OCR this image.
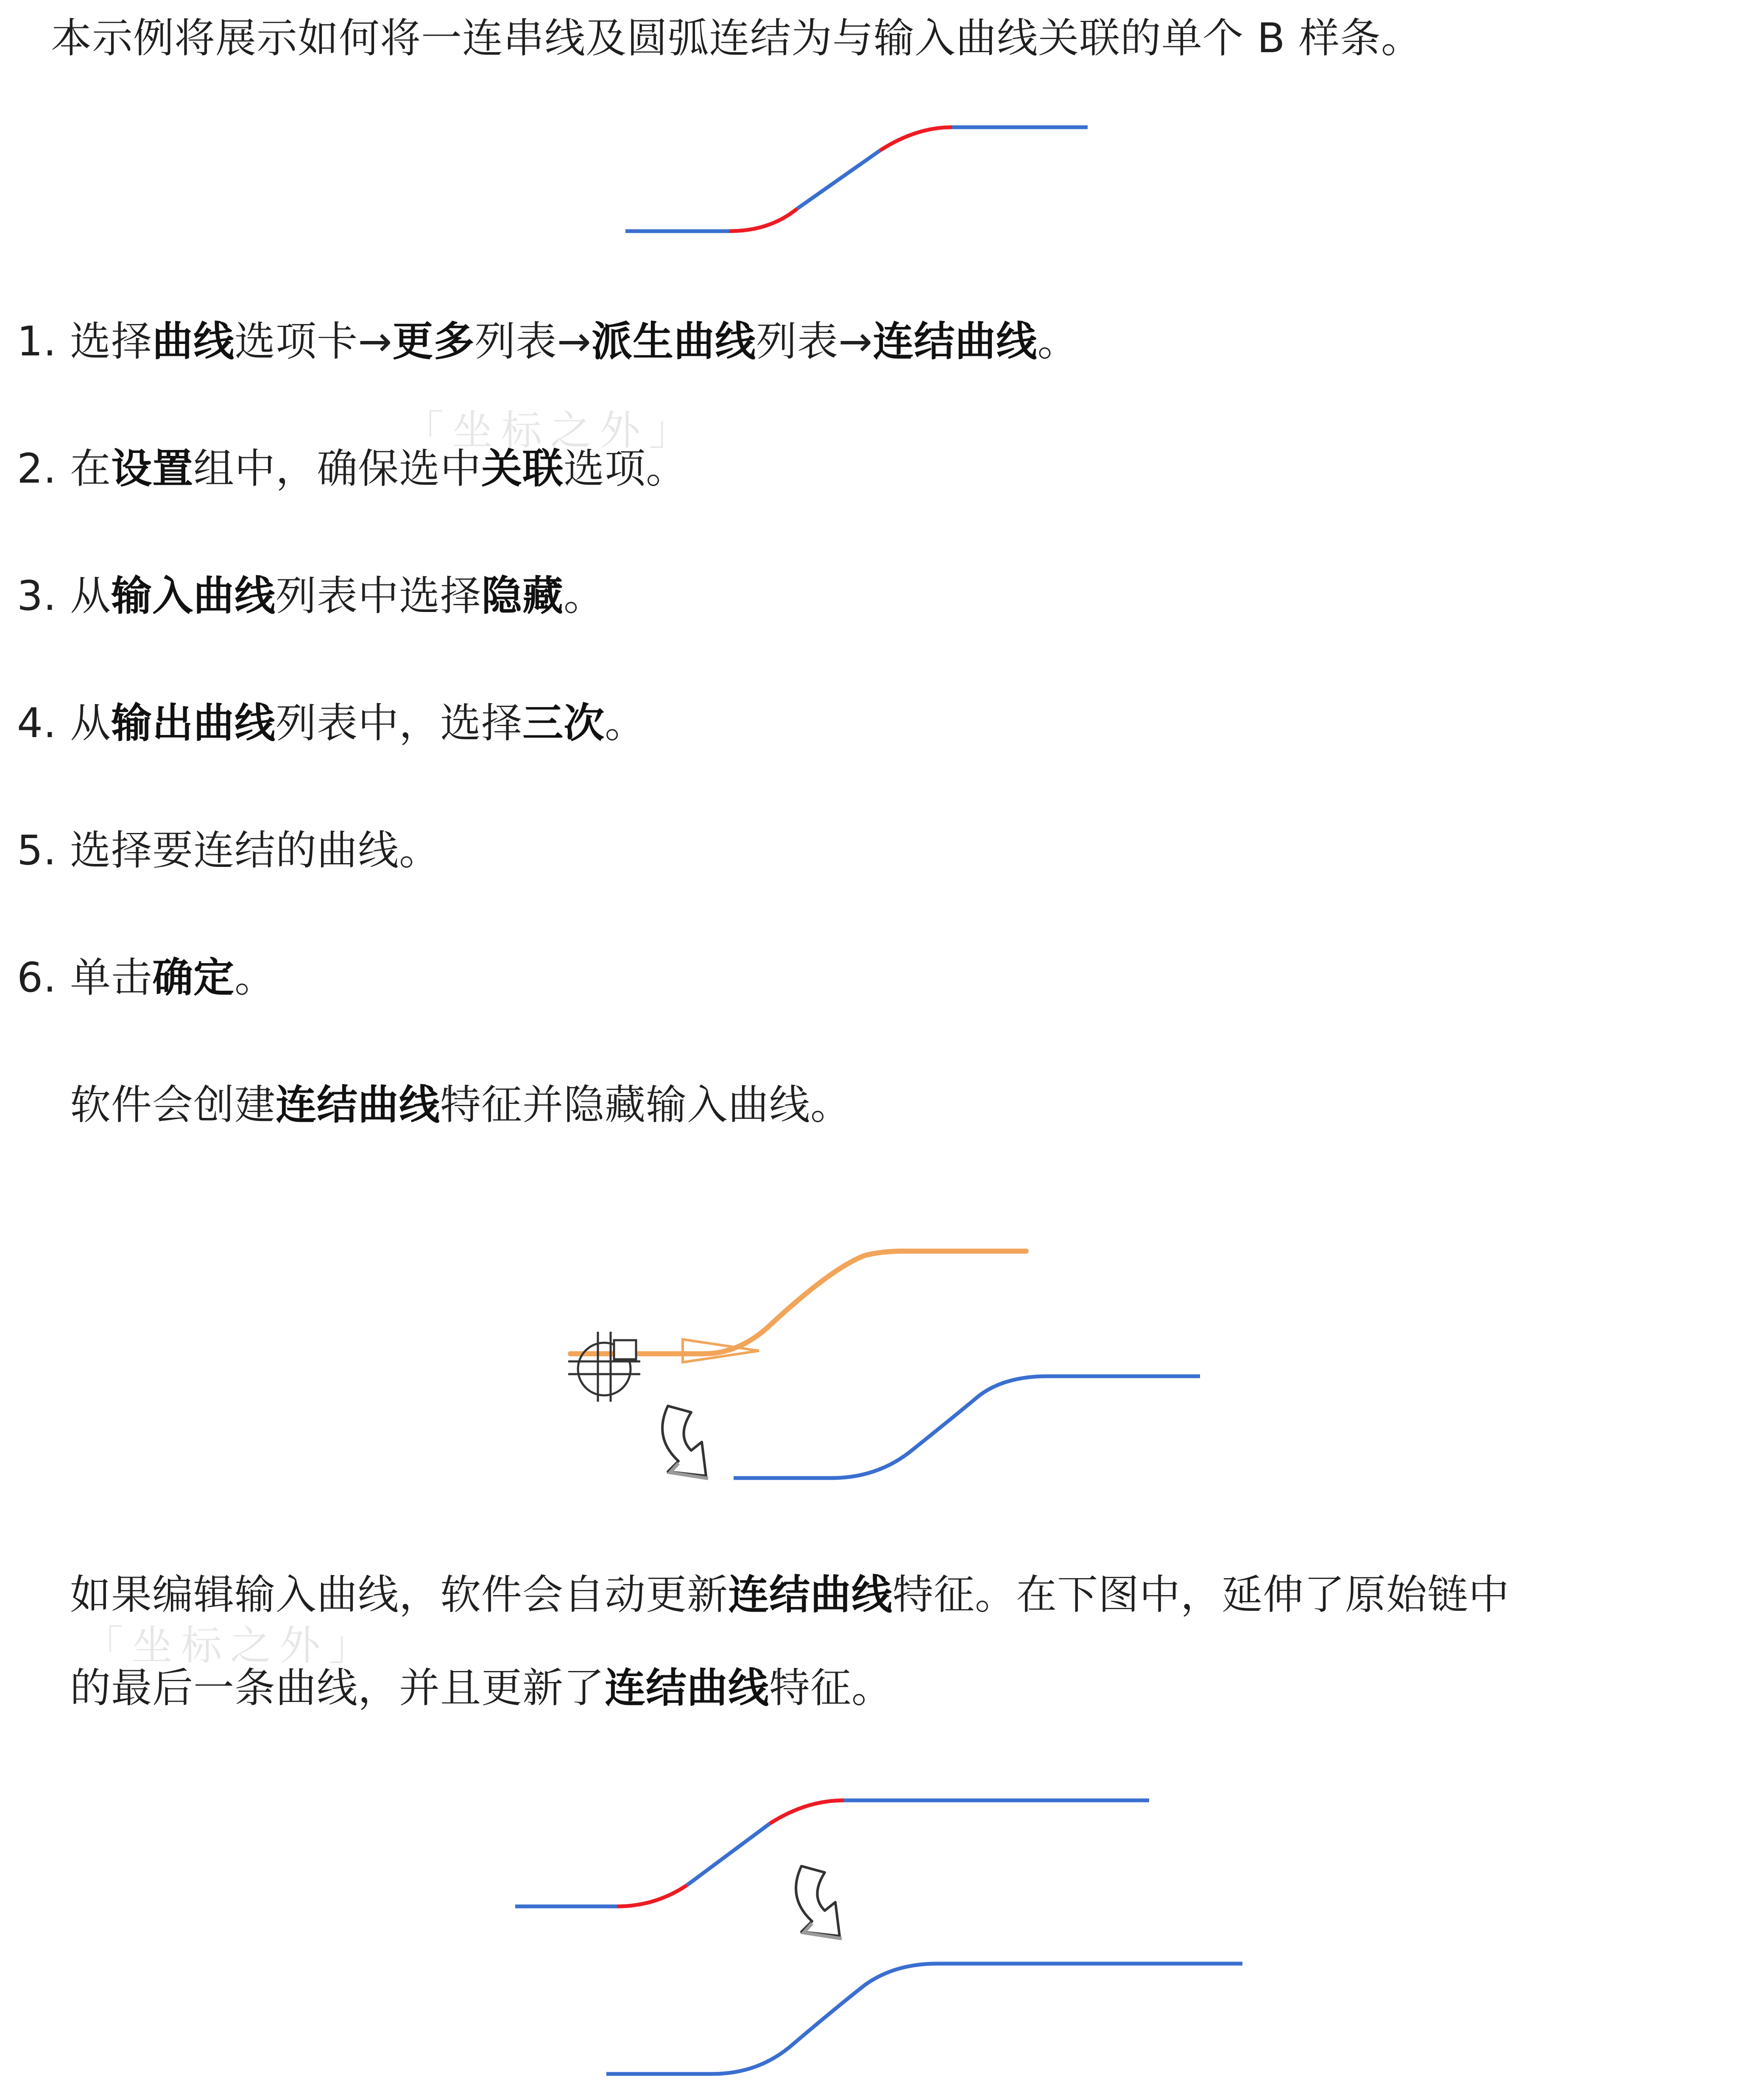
本示例将展示如何将一连串线及圆弧连结为与输入曲线关联的单个 B 样条。
「坐标之外」
1. 选择曲线选项卡→更多列表→派生曲线列表→连结曲线。
2. 在设置组中，确保选中关联选项。
3. 从输入曲线列表中选择隐藏。
4. 从输出曲线列表中，选择三次。
5. 选择要连结的曲线。
6. 单击确定。
软件会创建连结曲线特征并隐藏输入曲线。
如果编辑输入曲线，软件会自动更新连结曲线特征。在下图中，延伸了原始链中
「坐标之外」
的最后一条曲线，并且更新了连结曲线特征。
